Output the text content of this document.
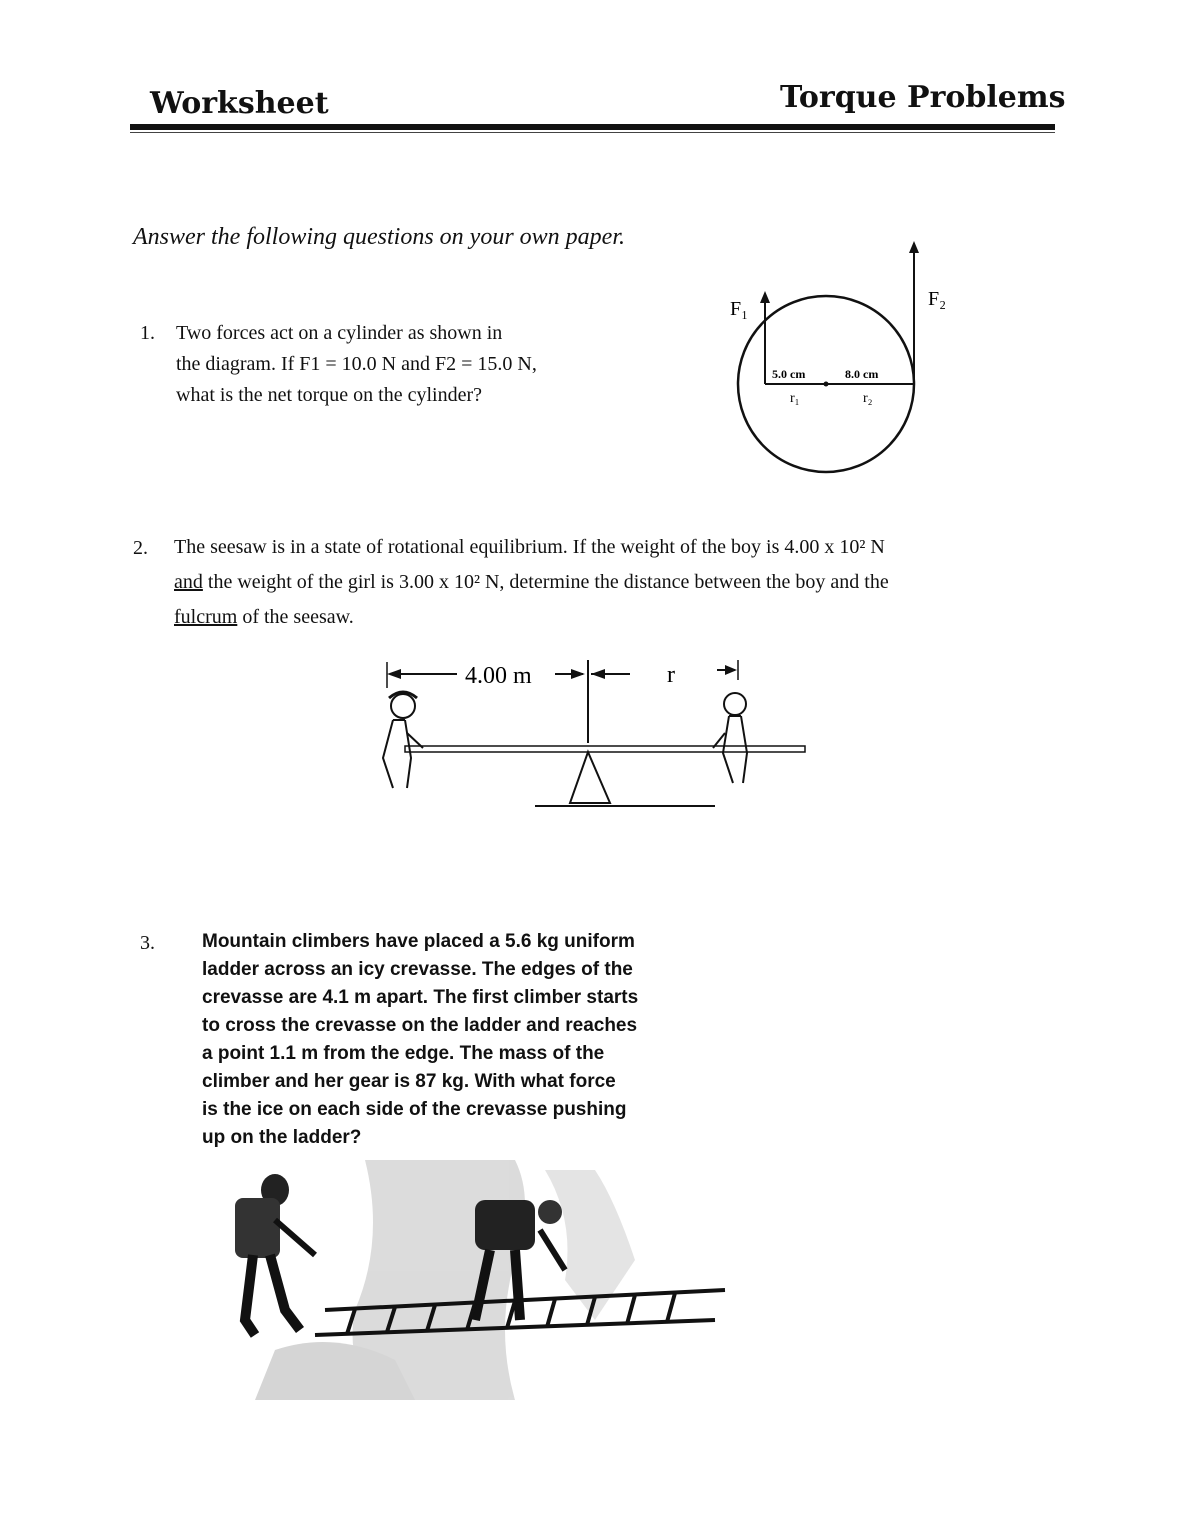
Worksheet	Torque Problems
Answer the following questions on your own paper.
1. Two forces act on a cylinder as shown in
the diagram. If F1 = 10.0 N and F2 = 15.0 N,
what is the net torque on the cylinder?
F₁	F₂
5.0 cm	8.0 cm
r₁	r₂
2. The seesaw is in a state of rotational equilibrium. If the weight of the boy is 4.00 x 10² N
and the weight of the girl is 3.00 x 10² N, determine the distance between the boy and the
fulcrum of the seesaw.
4.00 m	r
3. Mountain climbers have placed a 5.6 kg uniform
ladder across an icy crevasse. The edges of the
crevasse are 4.1 m apart. The first climber starts
to cross the crevasse on the ladder and reaches
a point 1.1 m from the edge. The mass of the
climber and her gear is 87 kg. With what force
is the ice on each side of the crevasse pushing
up on the ladder?
